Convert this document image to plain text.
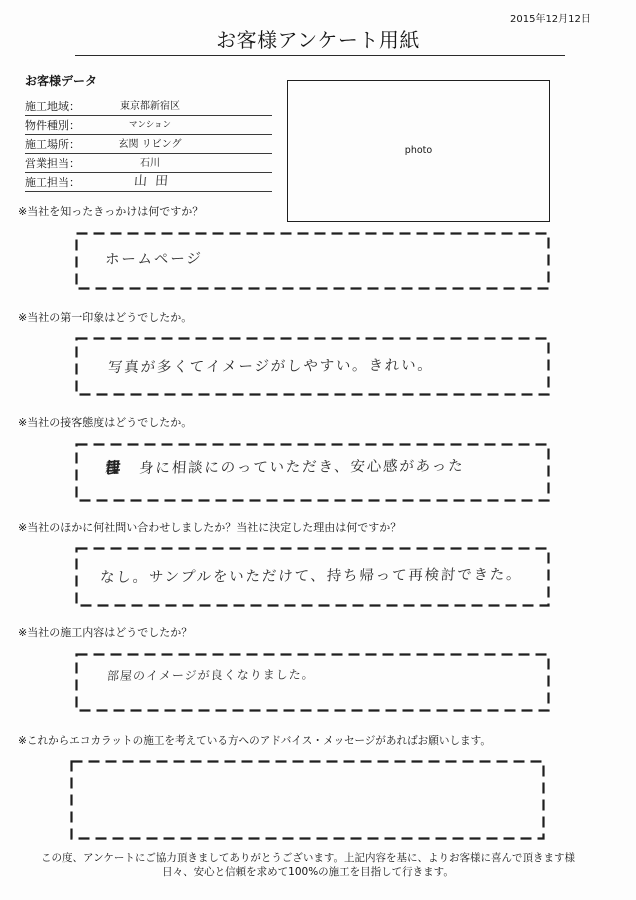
2015年12月12日
お客様アンケート用紙
お客様データ
施工地域：	東京都新宿区
物件種別：	マンション
施工場所：	玄関 リビング
営業担当：	石川
施工担当：	山田
photo
※当社を知ったきっかけは何ですか？
ホームページ
※当社の第一印象はどうでしたか。
写真が多くてイメージがしやすい。きれい。
※当社の接客態度はどうでしたか。
親 身に相談にのっていただき、安心感があった
※当社のほかに何社問い合わせしましたか？当社に決定した理由は何ですか？
なし。サンプルをいただけて、持ち帰って再検討できた。
※当社の施工内容はどうでしたか？
部屋のイメージが良くなりました。
※これからエコカラットの施工を考えている方へのアドバイス・メッセージがあればお願いします。
この度、アンケートにご協力頂きましてありがとうございます。上記内容を基に、よりお客様に喜んで頂きます様
日々、安心と信頼を求めて100%の施工を目指して行きます。
